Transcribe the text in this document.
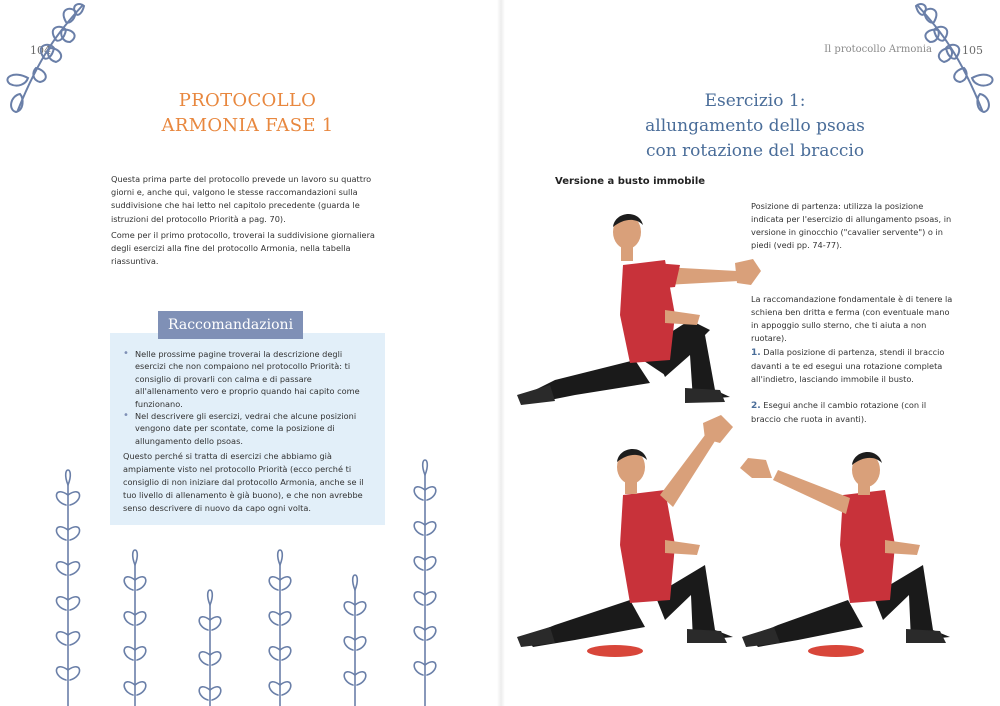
104
PROTOCOLLO
ARMONIA FASE 1

Questa prima parte del protocollo prevede un lavoro su quattro giorni e, anche qui, valgono le stesse raccomandazioni sulla suddivisione che hai letto nel capitolo precedente (guarda le istruzioni del protocollo Priorità a pag. 70).

Come per il primo protocollo, troverai la suddivisione giornaliera degli esercizi alla fine del protocollo Armonia, nella tabella riassuntiva.

Raccomandazioni
• Nelle prossime pagine troverai la descrizione degli esercizi che non compaiono nel protocollo Priorità: ti consiglio di provarli con calma e di passare all'allenamento vero e proprio quando hai capito come funzionano.
• Nel descrivere gli esercizi, vedrai che alcune posizioni vengono date per scontate, come la posizione di allungamento dello psoas.

Questo perché si tratta di esercizi che abbiamo già ampiamente visto nel protocollo Priorità (ecco perché ti consiglio di non iniziare dal protocollo Armonia, anche se il tuo livello di allenamento è già buono), e che non avrebbe senso descrivere di nuovo da capo ogni volta.

Il protocollo Armonia	105
Esercizio 1:
allungamento dello psoas
con rotazione del braccio
Versione a busto immobile

Posizione di partenza: utilizza la posizione indicata per l'esercizio di allungamento psoas, in versione in ginocchio ("cavalier servente") o in piedi (vedi pp. 74-77).

La raccomandazione fondamentale è di tenere la schiena ben dritta e ferma (con eventuale mano in appoggio sullo sterno, che ti aiuta a non ruotare).

1. Dalla posizione di partenza, stendi il braccio davanti a te ed esegui una rotazione completa all'indietro, lasciando immobile il busto.

2. Esegui anche il cambio rotazione (con il braccio che ruota in avanti).
